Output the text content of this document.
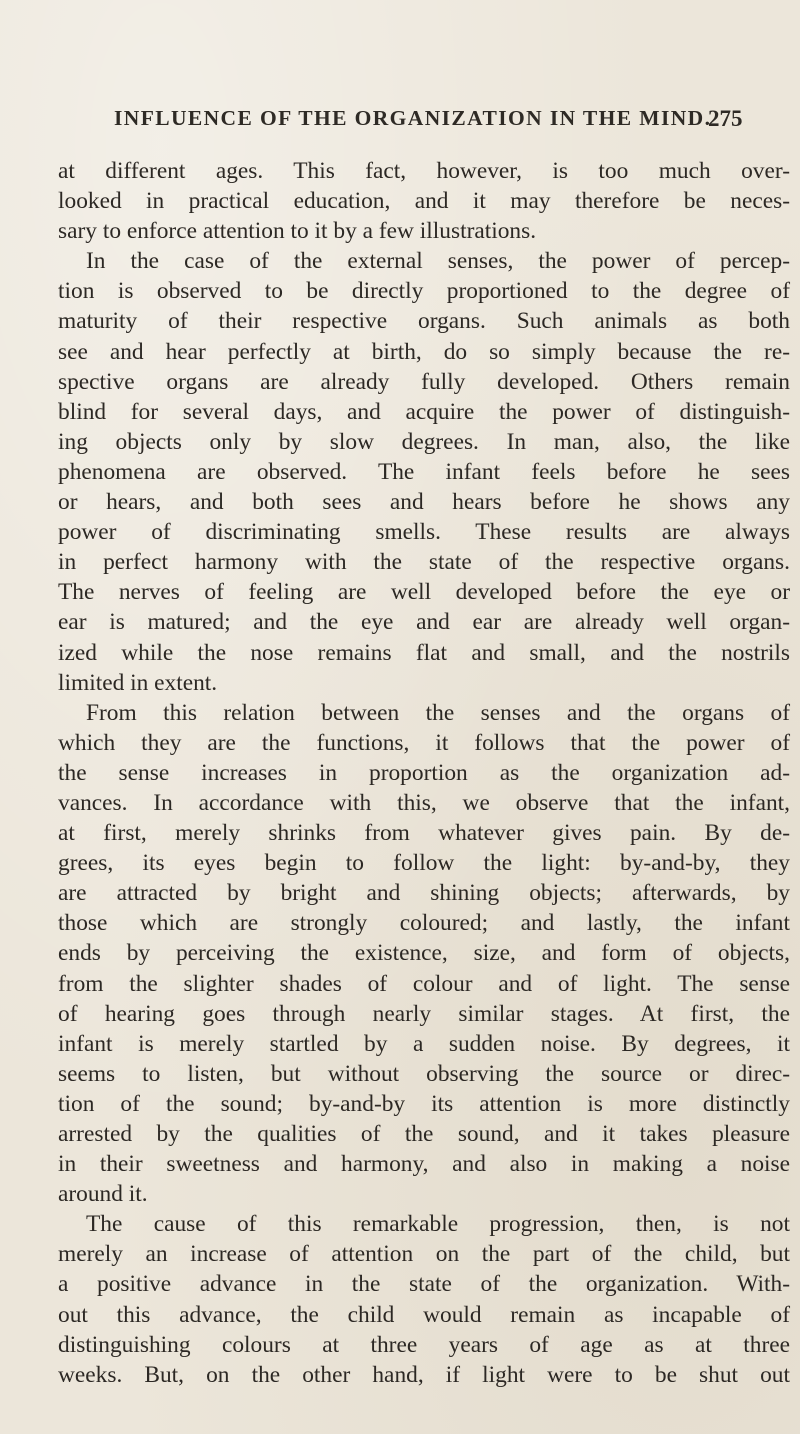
INFLUENCE OF THE ORGANIZATION IN THE MIND.
275
at different ages. This fact, however, is too much over-
looked in practical education, and it may therefore be neces-
sary to enforce attention to it by a few illustrations.
In the case of the external senses, the power of percep-
tion is observed to be directly proportioned to the degree of
maturity of their respective organs. Such animals as both
see and hear perfectly at birth, do so simply because the re-
spective organs are already fully developed. Others remain
blind for several days, and acquire the power of distinguish-
ing objects only by slow degrees. In man, also, the like
phenomena are observed. The infant feels before he sees
or hears, and both sees and hears before he shows any
power of discriminating smells. These results are always
in perfect harmony with the state of the respective organs.
The nerves of feeling are well developed before the eye or
ear is matured; and the eye and ear are already well organ-
ized while the nose remains flat and small, and the nostrils
limited in extent.
From this relation between the senses and the organs of
which they are the functions, it follows that the power of
the sense increases in proportion as the organization ad-
vances. In accordance with this, we observe that the infant,
at first, merely shrinks from whatever gives pain. By de-
grees, its eyes begin to follow the light: by-and-by, they
are attracted by bright and shining objects; afterwards, by
those which are strongly coloured; and lastly, the infant
ends by perceiving the existence, size, and form of objects,
from the slighter shades of colour and of light. The sense
of hearing goes through nearly similar stages. At first, the
infant is merely startled by a sudden noise. By degrees, it
seems to listen, but without observing the source or direc-
tion of the sound; by-and-by its attention is more distinctly
arrested by the qualities of the sound, and it takes pleasure
in their sweetness and harmony, and also in making a noise
around it.
The cause of this remarkable progression, then, is not
merely an increase of attention on the part of the child, but
a positive advance in the state of the organization. With-
out this advance, the child would remain as incapable of
distinguishing colours at three years of age as at three
weeks. But, on the other hand, if light were to be shut out
